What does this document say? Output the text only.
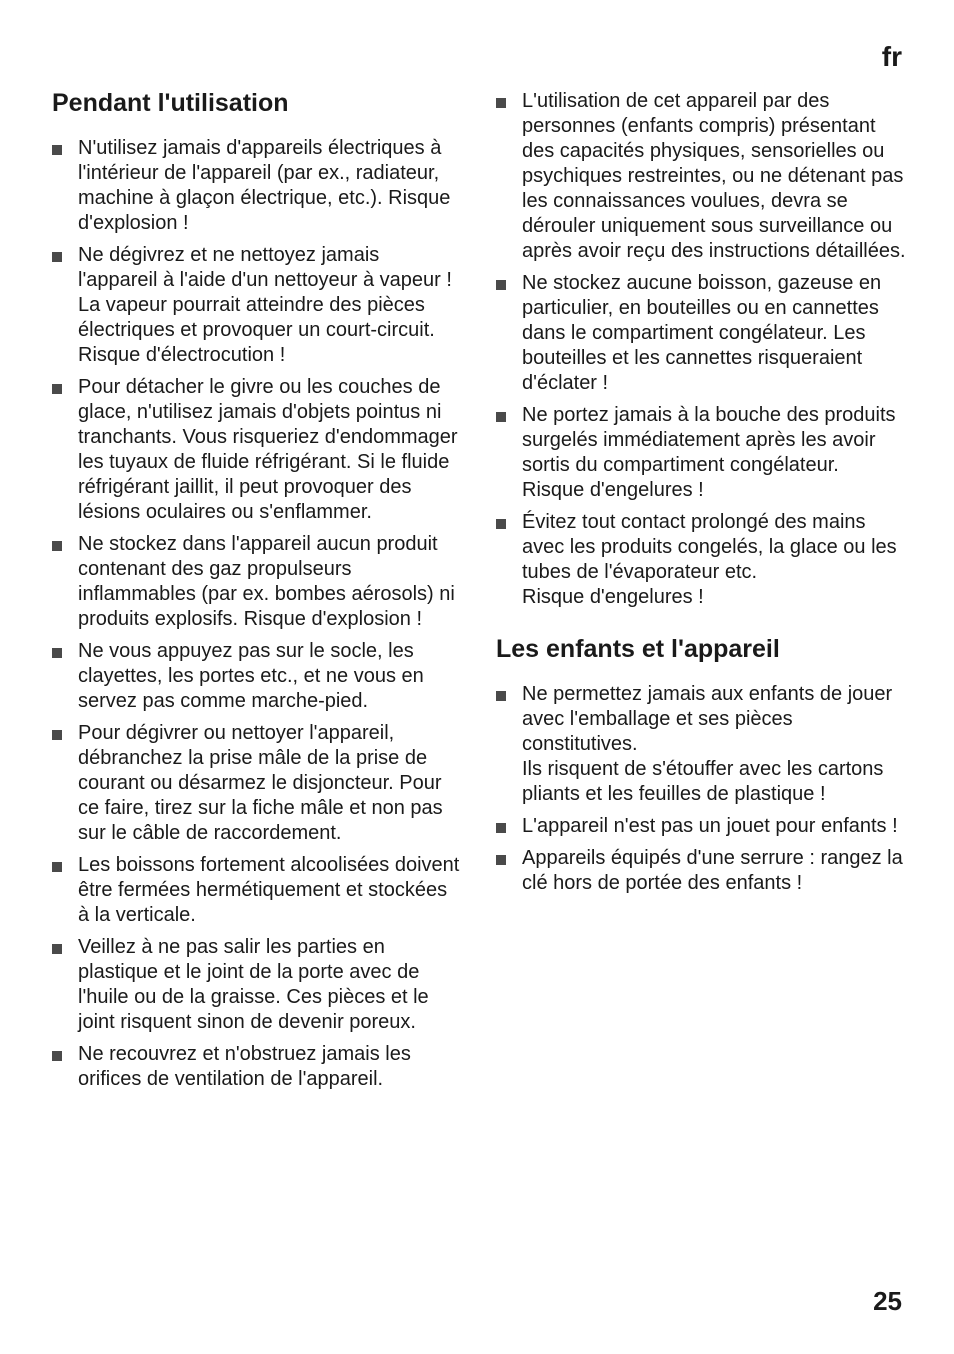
fr
Pendant l'utilisation
N'utilisez jamais d'appareils électriques à l'intérieur de l'appareil (par ex., radiateur, machine à glaçon électrique, etc.). Risque d'explosion !
Ne dégivrez et ne nettoyez jamais l'appareil à l'aide d'un nettoyeur à vapeur ! La vapeur pourrait atteindre des pièces électriques et provoquer un court-circuit. Risque d'électrocution !
Pour détacher le givre ou les couches de glace, n'utilisez jamais d'objets pointus ni tranchants. Vous risqueriez d'endommager les tuyaux de fluide réfrigérant. Si le fluide réfrigérant jaillit, il peut provoquer des lésions oculaires ou s'enflammer.
Ne stockez dans l'appareil aucun produit contenant des gaz propulseurs inflammables (par ex. bombes aérosols) ni produits explosifs. Risque d'explosion !
Ne vous appuyez pas sur le socle, les clayettes, les portes etc., et ne vous en servez pas comme marche-pied.
Pour dégivrer ou nettoyer l'appareil, débranchez la prise mâle de la prise de courant ou désarmez le disjoncteur. Pour ce faire, tirez sur la fiche mâle et non pas sur le câble de raccordement.
Les boissons fortement alcoolisées doivent être fermées hermétiquement et stockées à la verticale.
Veillez à ne pas salir les parties en plastique et le joint de la porte avec de l'huile ou de la graisse. Ces pièces et le joint risquent sinon de devenir poreux.
Ne recouvrez et n'obstruez jamais les orifices de ventilation de l'appareil.
L'utilisation de cet appareil par des personnes (enfants compris) présentant des capacités physiques, sensorielles ou psychiques restreintes, ou ne détenant pas les connaissances voulues, devra se dérouler uniquement sous surveillance ou après avoir reçu des instructions détaillées.
Ne stockez aucune boisson, gazeuse en particulier, en bouteilles ou en cannettes dans le compartiment congélateur. Les bouteilles et les cannettes risqueraient d'éclater !
Ne portez jamais à la bouche des produits surgelés immédiatement après les avoir sortis du compartiment congélateur.
Risque d'engelures !
Évitez tout contact prolongé des mains avec les produits congelés, la glace ou les tubes de l'évaporateur etc.
Risque d'engelures !
Les enfants et l'appareil
Ne permettez jamais aux enfants de jouer avec l'emballage et ses pièces constitutives.
Ils risquent de s'étouffer avec les cartons pliants et les feuilles de plastique !
L'appareil n'est pas un jouet pour enfants !
Appareils équipés d'une serrure : rangez la clé hors de portée des enfants !
25
